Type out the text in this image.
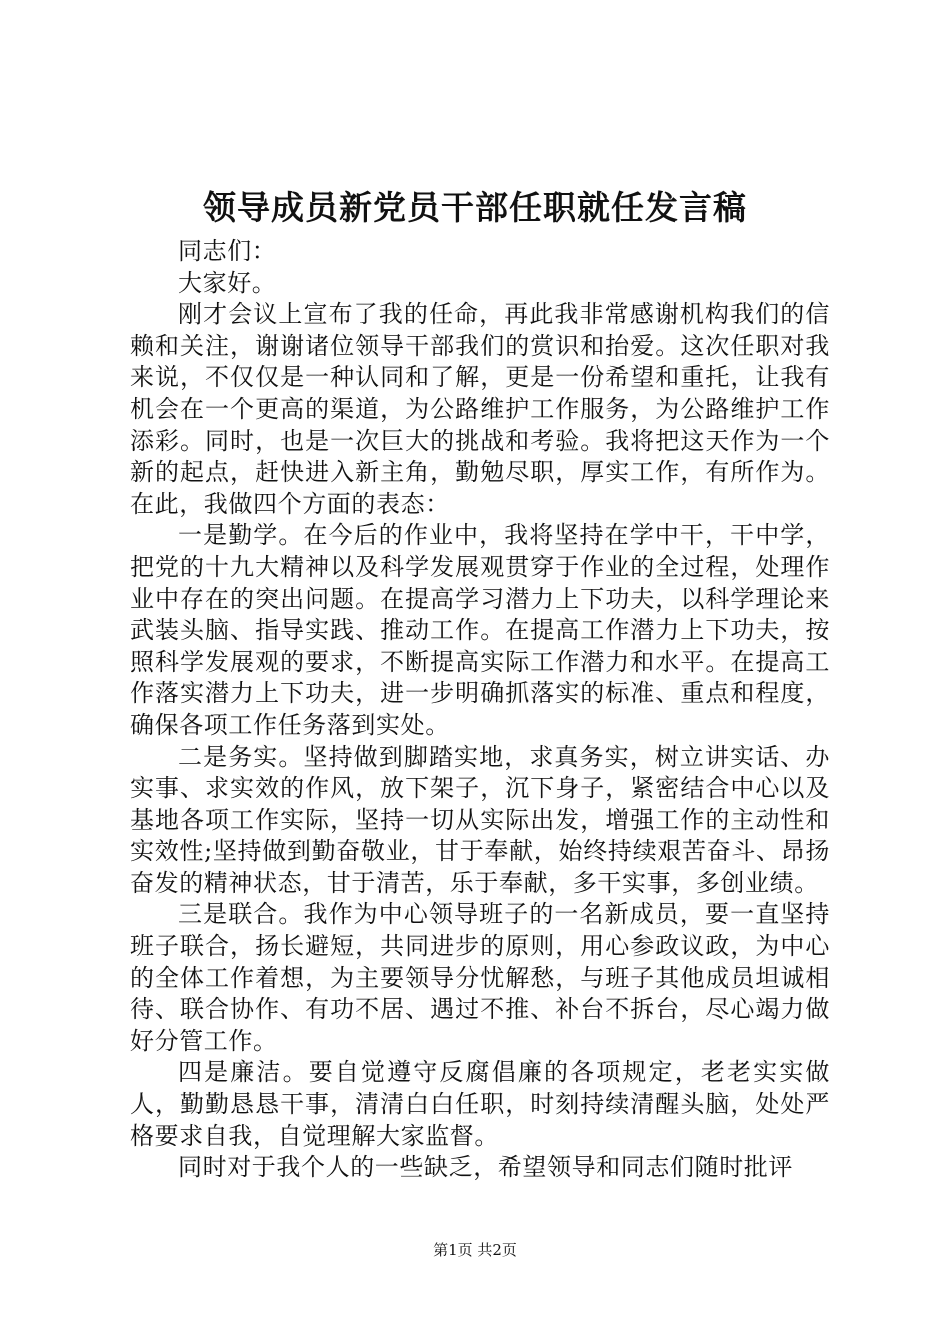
领导成员新党员干部任职就任发言稿

同志们：

大家好。

刚才会议上宣布了我的任命，再此我非常感谢机构我们的信赖和关注，谢谢诸位领导干部我们的赏识和抬爱。这次任职对我来说，不仅仅是一种认同和了解，更是一份希望和重托，让我有机会在一个更高的渠道，为公路维护工作服务，为公路维护工作添彩。同时，也是一次巨大的挑战和考验。我将把这天作为一个新的起点，赶快进入新主角，勤勉尽职，厚实工作，有所作为。在此，我做四个方面的表态：

一是勤学。在今后的作业中，我将坚持在学中干，干中学，把党的十九大精神以及科学发展观贯穿于作业的全过程，处理作业中存在的突出问题。在提高学习潜力上下功夫，以科学理论来武装头脑、指导实践、推动工作。在提高工作潜力上下功夫，按照科学发展观的要求，不断提高实际工作潜力和水平。在提高工作落实潜力上下功夫，进一步明确抓落实的标准、重点和程度，确保各项工作任务落到实处。

二是务实。坚持做到脚踏实地，求真务实，树立讲实话、办实事、求实效的作风，放下架子，沉下身子，紧密结合中心以及基地各项工作实际，坚持一切从实际出发，增强工作的主动性和实效性;坚持做到勤奋敬业，甘于奉献，始终持续艰苦奋斗、昂扬奋发的精神状态，甘于清苦，乐于奉献，多干实事，多创业绩。

三是联合。我作为中心领导班子的一名新成员，要一直坚持班子联合，扬长避短，共同进步的原则，用心参政议政，为中心的全体工作着想，为主要领导分忧解愁，与班子其他成员坦诚相待、联合协作、有功不居、遇过不推、补台不拆台，尽心竭力做好分管工作。

四是廉洁。要自觉遵守反腐倡廉的各项规定，老老实实做人，勤勤恳恳干事，清清白白任职，时刻持续清醒头脑，处处严格要求自我，自觉理解大家监督。

同时对于我个人的一些缺乏，希望领导和同志们随时批评

第1页 共2页
